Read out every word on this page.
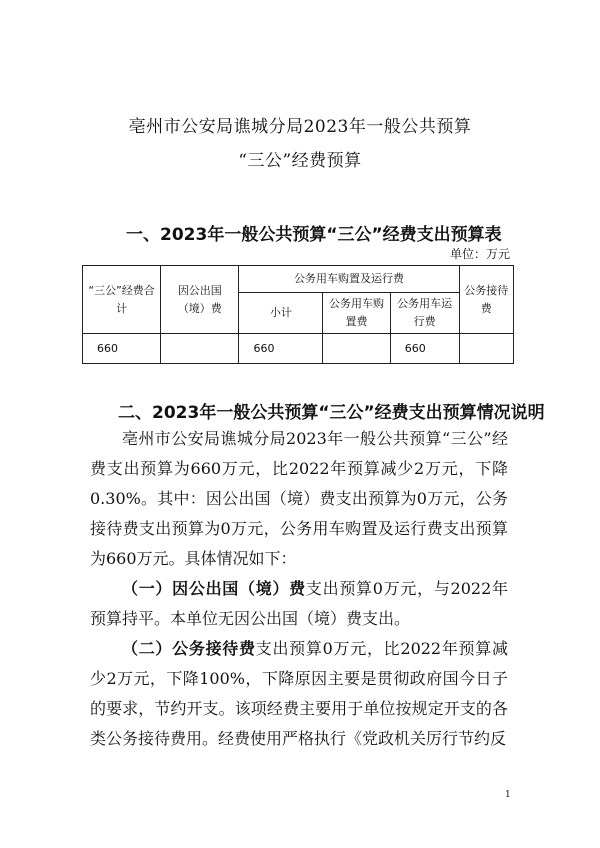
亳州市公安局谯城分局2023年一般公共预算
“三公”经费预算
一、2023年一般公共预算“三公”经费支出预算表
单位：万元
“三公”经费合计	因公出国（境）费	公务用车购置及运行费			公务接待费
		小计	公务用车购置费	公务用车运行费	
660		660		660	
二、2023年一般公共预算“三公”经费支出预算情况说明
亳州市公安局谯城分局2023年一般公共预算“三公”经费支出预算为660万元，比2022年预算减少2万元，下降0.30%。其中：因公出国（境）费支出预算为0万元，公务接待费支出预算为0万元，公务用车购置及运行费支出预算为660万元。具体情况如下：
（一）因公出国（境）费支出预算0万元，与2022年预算持平。本单位无因公出国（境）费支出。
（二）公务接待费支出预算0万元，比2022年预算减少2万元，下降100%，下降原因主要是贯彻政府国今日子的要求，节约开支。该项经费主要用于单位按规定开支的各类公务接待费用。经费使用严格执行《党政机关厉行节约反
1
